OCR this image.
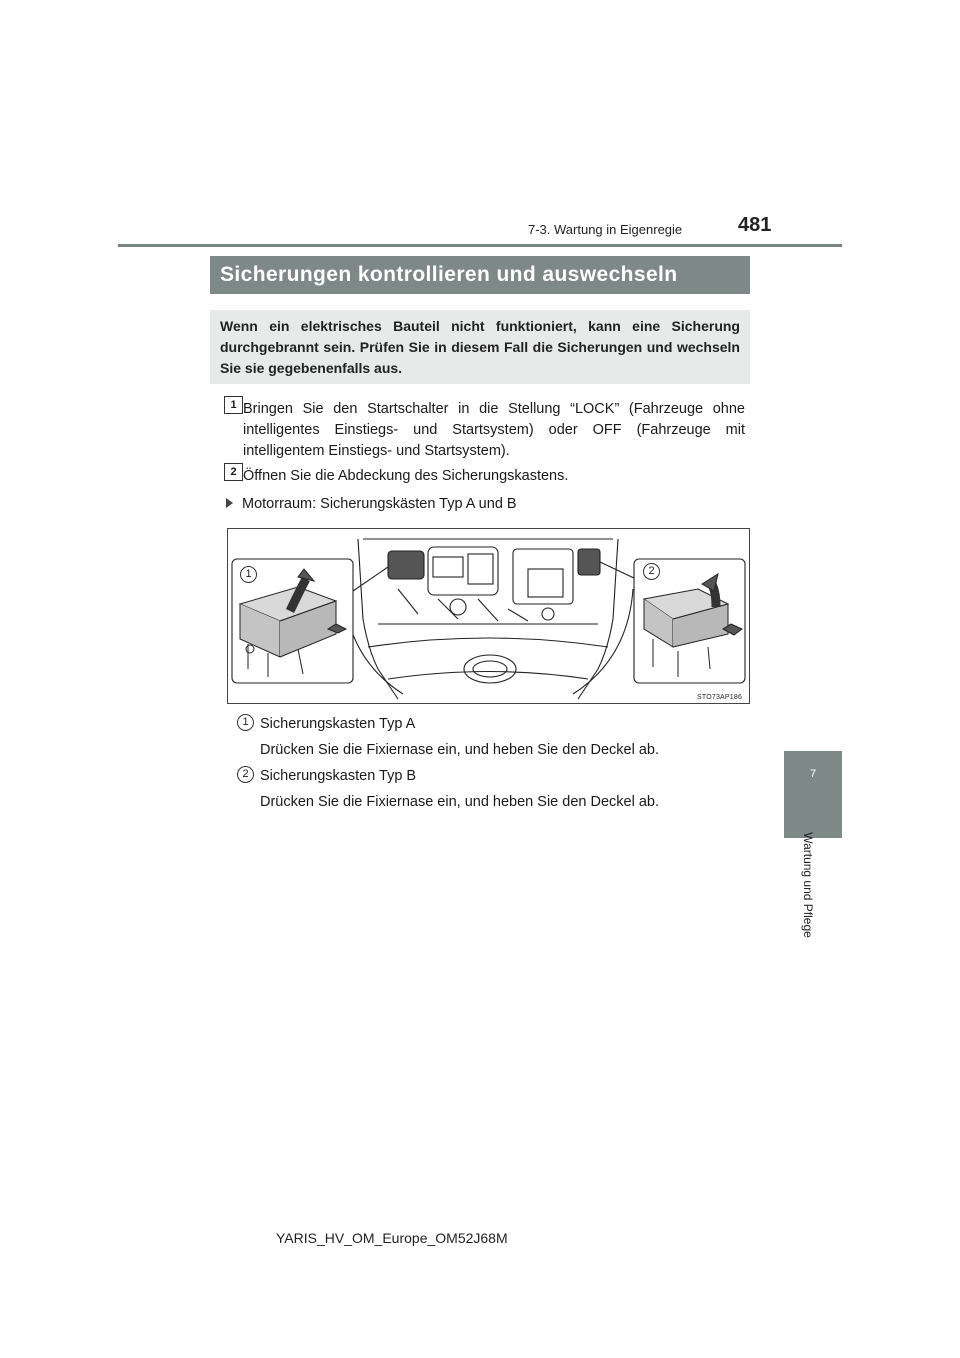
7-3. Wartung in Eigenregie	481
Sicherungen kontrollieren und auswechseln
Wenn ein elektrisches Bauteil nicht funktioniert, kann eine Sicherung durchgebrannt sein. Prüfen Sie in diesem Fall die Sicherungen und wechseln Sie sie gegebenenfalls aus.
1 Bringen Sie den Startschalter in die Stellung “LOCK” (Fahrzeuge ohne intelligentes Einstiegs- und Startsystem) oder OFF (Fahrzeuge mit intelligentem Einstiegs- und Startsystem).
2 Öffnen Sie die Abdeckung des Sicherungskastens.
Motorraum: Sicherungskästen Typ A und B
1	2
STO73AP186
1 Sicherungskasten Typ A
Drücken Sie die Fixiernase ein, und heben Sie den Deckel ab.
2 Sicherungskasten Typ B
Drücken Sie die Fixiernase ein, und heben Sie den Deckel ab.
7
Wartung und Pflege
YARIS_HV_OM_Europe_OM52J68M
